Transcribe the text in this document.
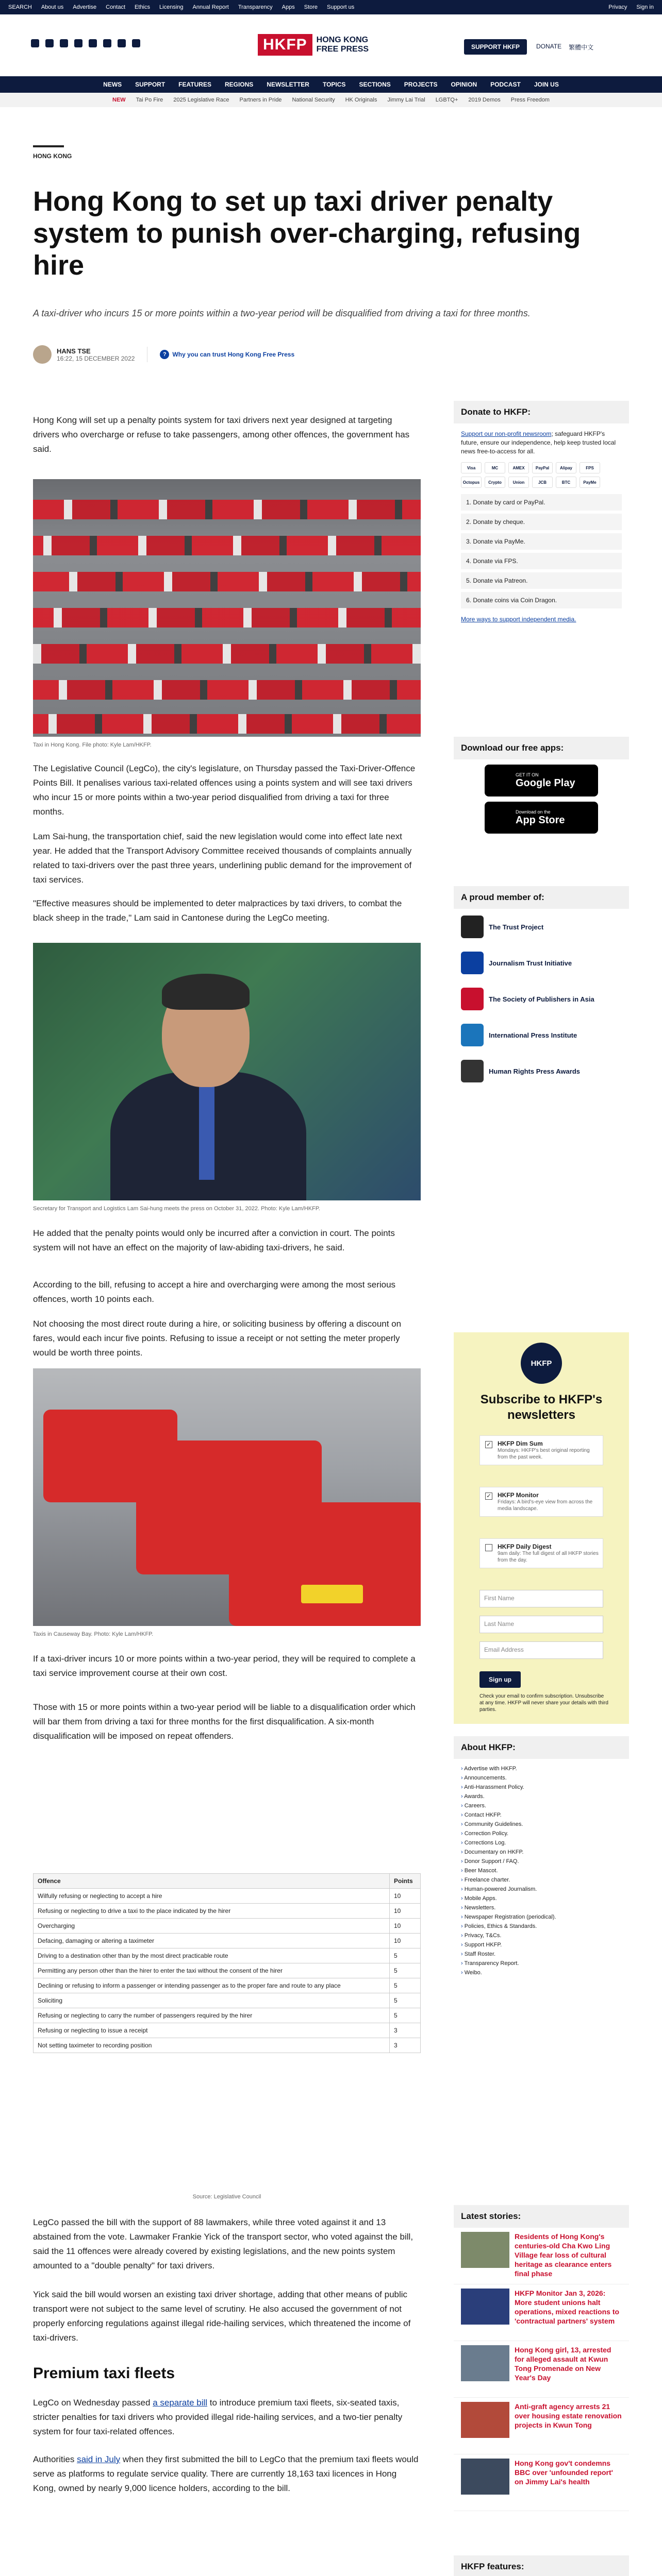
SEARCH About us Advertise Contact Ethics Licensing Annual Report Transparency Apps Store Support us	Privacy Sign in
HKFP	HONG KONG
FREE PRESS	SUPPORT HKFP	DONATE 繁體中文
NEWS SUPPORT FEATURES REGIONS NEWSLETTER TOPICS SECTIONS PROJECTS OPINION PODCAST JOIN US
NEW Tai Po Fire 2025 Legislative Race Partners in Pride National Security HK Originals Jimmy Lai Trial LGBTQ+ 2019 Demos Press Freedom
HONG KONG
Hong Kong to set up taxi driver penalty system to punish over-charging, refusing hire
A taxi-driver who incurs 15 or more points within a two-year period will be disqualified from driving a taxi for three months.
HANS TSE
16:22, 15 DECEMBER 2022
? Why you can trust Hong Kong Free Press

Hong Kong will set up a penalty points system for taxi drivers next year designed at targeting drivers who overcharge or refuse to take passengers, among other offences, the government has said.

Taxi in Hong Kong. File photo: Kyle Lam/HKFP.

The Legislative Council (LegCo), the city's legislature, on Thursday passed the Taxi-Driver-Offence Points Bill. It penalises various taxi-related offences using a points system and will see taxi drivers who incur 15 or more points within a two-year period disqualified from driving a taxi for three months.

Lam Sai-hung, the transportation chief, said the new legislation would come into effect late next year. He added that the Transport Advisory Committee received thousands of complaints annually related to taxi-drivers over the past three years, underlining public demand for the improvement of taxi services.

"Effective measures should be implemented to deter malpractices by taxi drivers, to combat the black sheep in the trade," Lam said in Cantonese during the LegCo meeting.

Secretary for Transport and Logistics Lam Sai-hung meets the press on October 31, 2022. Photo: Kyle Lam/HKFP.

He added that the penalty points would only be incurred after a conviction in court. The points system will not have an effect on the majority of law-abiding taxi-drivers, he said.

According to the bill, refusing to accept a hire and overcharging were among the most serious offences, worth 10 points each.

Not choosing the most direct route during a hire, or soliciting business by offering a discount on fares, would each incur five points. Refusing to issue a receipt or not setting the meter properly would be worth three points.

Taxis in Causeway Bay. Photo: Kyle Lam/HKFP.

If a taxi-driver incurs 10 or more points within a two-year period, they will be required to complete a taxi service improvement course at their own cost.

Those with 15 or more points within a two-year period will be liable to a disqualification order which will bar them from driving a taxi for three months for the first disqualification. A six-month disqualification will be imposed on repeat offenders.

Offence	Points
Wilfully refusing or neglecting to accept a hire	10
Refusing or neglecting to drive a taxi to the place indicated by the hirer	10
Overcharging	10
Defacing, damaging or altering a taximeter	10
Driving to a destination other than by the most direct practicable route	5
Permitting any person other than the hirer to enter the taxi without the consent of the hirer	5
Declining or refusing to inform a passenger or intending passenger as to the proper fare and route to any place	5
Soliciting	5
Refusing or neglecting to carry the number of passengers required by the hirer	5
Refusing or neglecting to issue a receipt	3
Not setting taximeter to recording position	3
Source: Legislative Council

LegCo passed the bill with the support of 88 lawmakers, while three voted against it and 13 abstained from the vote. Lawmaker Frankie Yick of the transport sector, who voted against the bill, said the 11 offences were already covered by existing legislations, and the new points system amounted to a "double penalty" for taxi drivers.

Yick said the bill would worsen an existing taxi driver shortage, adding that other means of public transport were not subject to the same level of scrutiny. He also accused the government of not properly enforcing regulations against illegal ride-hailing services, which threatened the income of taxi-drivers.

Premium taxi fleets

LegCo on Wednesday passed a separate bill to introduce premium taxi fleets, six-seated taxis, stricter penalties for taxi drivers who provided illegal ride-hailing services, and a two-tier penalty system for four taxi-related offences.

Authorities said in July when they first submitted the bill to LegCo that the premium taxi fleets would serve as platforms to regulate service quality. There are currently 18,163 taxi licences in Hong Kong, owned by nearly 9,000 licence holders, according to the bill.

Donate to HKFP:
Support our non-profit newsroom; safeguard HKFP's future, ensure our independence, help keep trusted local news free-to-access for all.
Visa	MC	AMEX	PayPal	Alipay	FPS
Octopus	Crypto	Union	JCB	BTC	PayMe
1. Donate by card or PayPal.
2. Donate by cheque.
3. Donate via PayMe.
4. Donate via FPS.
5. Donate via Patreon.
6. Donate coins via Coin Dragon.
More ways to support independent media.
Download our free apps:
GET IT ON
Google Play
Download on the
App Store
A proud member of:
The Trust Project
Journalism Trust Initiative
The Society of Publishers in Asia
International Press Institute
Human Rights Press Awards
HKFP
Subscribe to HKFP's newsletters
✓ HKFP Dim Sum
Mondays: HKFP's best original reporting from the past week.
✓ HKFP Monitor
Fridays: A bird's-eye view from across the media landscape.
HKFP Daily Digest
9am daily: The full digest of all HKFP stories from the day.
First Name
Last Name
Email Address
Sign up
Check your email to confirm subscription. Unsubscribe at any time. HKFP will never share your details with third parties.
About HKFP:
› Advertise with HKFP.
› Announcements.
› Anti-Harassment Policy.
› Awards.
› Careers.
› Contact HKFP.
› Community Guidelines.
› Correction Policy.
› Corrections Log.
› Documentary on HKFP.
› Donor Support / FAQ.
› Beer Mascot.
› Freelance charter.
› Human-powered Journalism.
› Mobile Apps.
› Newsletters.
› Newspaper Registration (periodical).
› Policies, Ethics & Standards.
› Privacy, T&Cs.
› Support HKFP.
› Staff Roster.
› Transparency Report.
› Weibo.
Latest stories:
Residents of Hong Kong's centuries-old Cha Kwo Ling Village fear loss of cultural heritage as clearance enters final phase
HKFP Monitor Jan 3, 2026: More student unions halt operations, mixed reactions to 'contractual partners' system
Hong Kong girl, 13, arrested for alleged assault at Kwun Tong Promenade on New Year's Day
Anti-graft agency arrests 21 over housing estate renovation projects in Kwun Tong
Hong Kong gov't condemns BBC over 'unfounded report' on Jimmy Lai's health
HKFP features:
